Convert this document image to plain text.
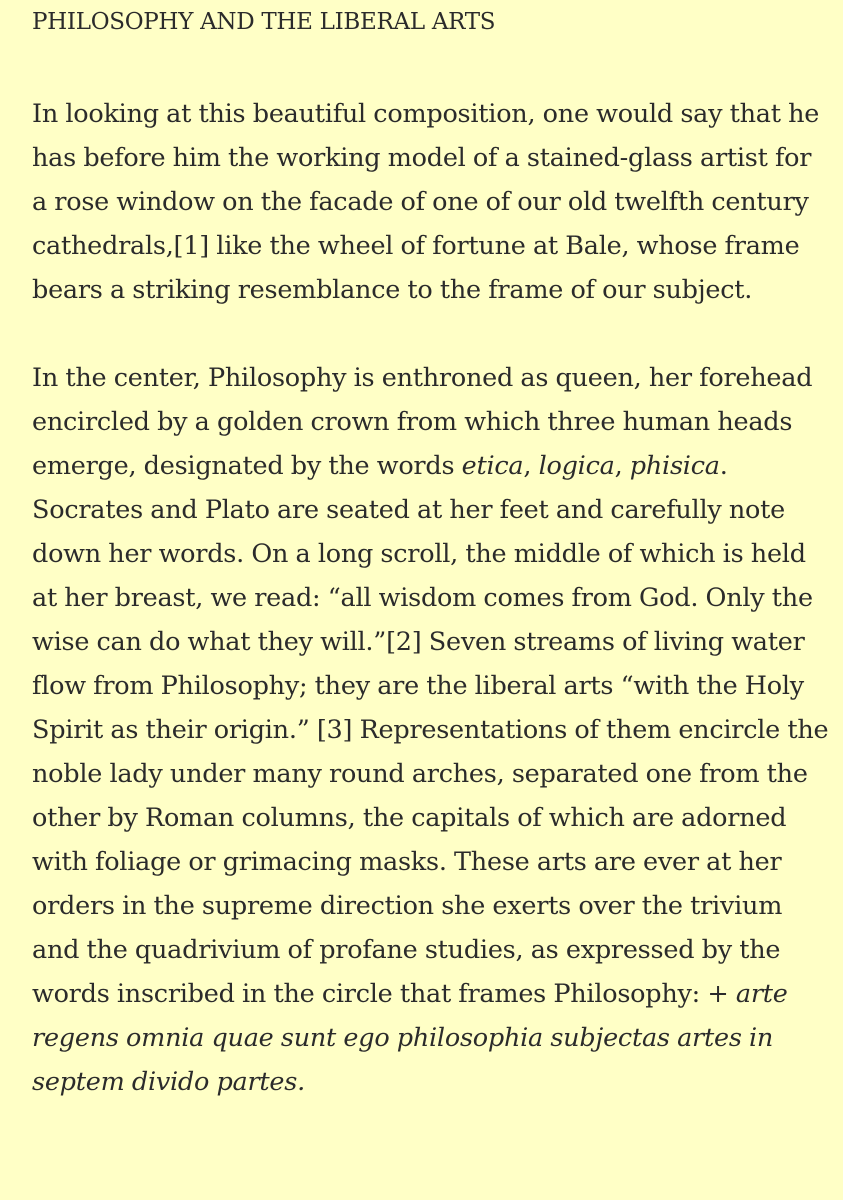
PHILOSOPHY AND THE LIBERAL ARTS

In looking at this beautiful composition, one would say that he has before him the working model of a stained-glass artist for a rose window on the facade of one of our old twelfth century cathedrals,[1] like the wheel of fortune at Bale, whose frame bears a striking resemblance to the frame of our subject.

In the center, Philosophy is enthroned as queen, her forehead encircled by a golden crown from which three human heads emerge, designated by the words etica, logica, phisica. Socrates and Plato are seated at her feet and carefully note down her words. On a long scroll, the middle of which is held at her breast, we read: “all wisdom comes from God. Only the wise can do what they will.”[2] Seven streams of living water flow from Philosophy; they are the liberal arts “with the Holy Spirit as their origin.” [3] Representations of them encircle the noble lady under many round arches, separated one from the other by Roman columns, the capitals of which are adorned with foliage or grimacing masks. These arts are ever at her orders in the supreme direction she exerts over the trivium and the quadrivium of profane studies, as expressed by the words inscribed in the circle that frames Philosophy: + arte regens omnia quae sunt ego philosophia subjectas artes in septem divido partes.
